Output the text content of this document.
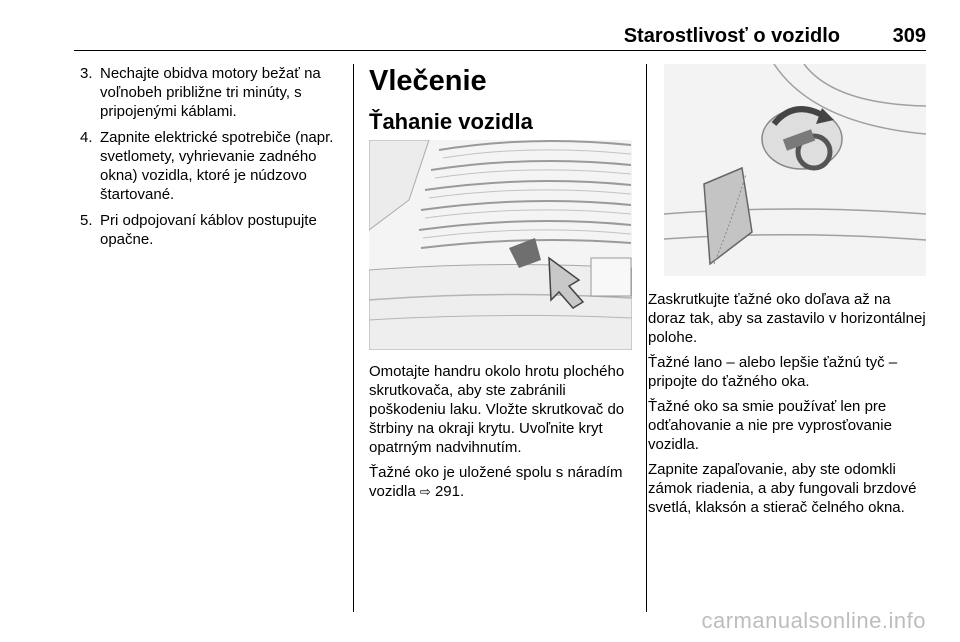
Starostlivosť o vozidlo	309
3. Nechajte obidva motory bežať na voľnobeh približne tri minúty, s pripojenými káblami.
4. Zapnite elektrické spotrebiče (napr. svetlomety, vyhrievanie zadného okna) vozidla, ktoré je núdzovo štartované.
5. Pri odpojovaní káblov postupujte opačne.
Vlečenie
Ťahanie vozidla

Omotajte handru okolo hrotu plochého skrutkovača, aby ste zabránili poškodeniu laku. Vložte skrutkovač do štrbiny na okraji krytu. Uvoľnite kryt opatrným nadvihnutím.

Ťažné oko je uložené spolu s náradím vozidla ⇨ 291.

Zaskrutkujte ťažné oko doľava až na doraz tak, aby sa zastavilo v horizontálnej polohe.

Ťažné lano – alebo lepšie ťažnú tyč – pripojte do ťažného oka.

Ťažné oko sa smie používať len pre odťahovanie a nie pre vyprosťovanie vozidla.

Zapnite zapaľovanie, aby ste odomkli zámok riadenia, a aby fungovali brzdové svetlá, klaksón a stierač čelného okna.

carmanualsonline.info
